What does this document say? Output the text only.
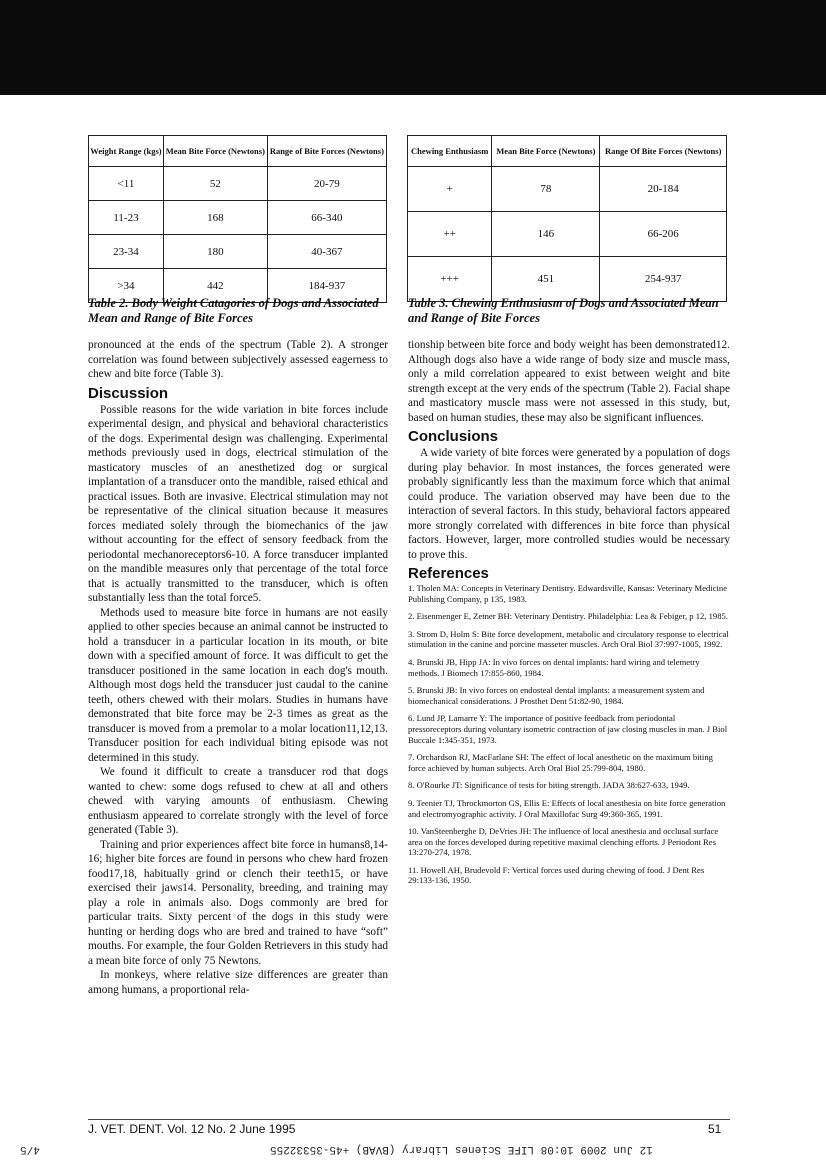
Weight Range (kgs)	Mean Bite Force (Newtons)	Range of Bite Forces (Newtons)
<11	52	20-79
11-23	168	66-340
23-34	180	40-367
>34	442	184-937
Chewing Enthusiasm	Mean Bite Force (Newtons)	Range Of Bite Forces (Newtons)
+	78	20-184
++	146	66-206
+++	451	254-937
Table 2. Body Weight Catagories of Dogs and Associated Mean and Range of Bite Forces
Table 3. Chewing Enthusiasm of Dogs and Associated Mean and Range of Bite Forces

pronounced at the ends of the spectrum (Table 2). A stronger correlation was found between subjectively assessed eagerness to chew and bite force (Table 3).

Discussion

Possible reasons for the wide variation in bite forces include experimental design, and physical and behavioral characteristics of the dogs. Experimental design was challenging. Experimental methods previously used in dogs, electrical stimulation of the masticatory muscles of an anesthetized dog or surgical implantation of a transducer onto the mandible, raised ethical and practical issues. Both are invasive. Electrical stimulation may not be representative of the clinical situation because it measures forces mediated solely through the biomechanics of the jaw without accounting for the effect of sensory feedback from the periodontal mechanoreceptors6-10. A force transducer implanted on the mandible measures only that percentage of the total force that is actually transmitted to the transducer, which is often substantially less than the total force5.

Methods used to measure bite force in humans are not easily applied to other species because an animal cannot be instructed to hold a transducer in a particular location in its mouth, or bite down with a specified amount of force. It was difficult to get the transducer positioned in the same location in each dog's mouth. Although most dogs held the transducer just caudal to the canine teeth, others chewed with their molars. Studies in humans have demonstrated that bite force may be 2-3 times as great as the transducer is moved from a premolar to a molar location11,12,13. Transducer position for each individual biting episode was not determined in this study.

We found it difficult to create a transducer rod that dogs wanted to chew: some dogs refused to chew at all and others chewed with varying amounts of enthusiasm. Chewing enthusiasm appeared to correlate strongly with the level of force generated (Table 3).

Training and prior experiences affect bite force in humans8,14-16; higher bite forces are found in persons who chew hard frozen food17,18, habitually grind or clench their teeth15, or have exercised their jaws14. Personality, breeding, and training may play a role in animals also. Dogs commonly are bred for particular traits. Sixty percent of the dogs in this study were hunting or herding dogs who are bred and trained to have “soft” mouths. For example, the four Golden Retrievers in this study had a mean bite force of only 75 Newtons.

In monkeys, where relative size differences are greater than among humans, a proportional rela-

tionship between bite force and body weight has been demonstrated12. Although dogs also have a wide range of body size and muscle mass, only a mild correlation appeared to exist between weight and bite strength except at the very ends of the spectrum (Table 2). Facial shape and masticatory muscle mass were not assessed in this study, but, based on human studies, these may also be significant influences.

Conclusions

A wide variety of bite forces were generated by a population of dogs during play behavior. In most instances, the forces generated were probably significantly less than the maximum force which that animal could produce. The variation observed may have been due to the interaction of several factors. In this study, behavioral factors appeared more strongly correlated with differences in bite force than physical factors. However, larger, more controlled studies would be necessary to prove this.

References
1. Tholen MA: Concepts in Veterinary Dentistry. Edwardsville, Kansas: Veterinary Medicine Publishing Company, p 135, 1983.
2. Eisenmenger E, Zetner BH: Veterinary Dentistry. Philadelphia: Lea & Febiger, p 12, 1985.
3. Strom D, Holm S: Bite force development, metabolic and circulatory response to electrical stimulation in the canine and porcine masseter muscles. Arch Oral Biol 37:997-1005, 1992.
4. Brunski JB, Hipp JA: In vivo forces on dental implants: hard wiring and telemetry methods. J Biomech 17:855-860, 1984.
5. Brunski JB: In vivo forces on endosteal dental implants: a measurement system and biomechanical considerations. J Prosthet Dent 51:82-90, 1984.
6. Lund JP, Lamarre Y: The importance of positive feedback from periodontal pressoreceptors during voluntary isometric contraction of jaw closing muscles in man. J Biol Buccale 1:345-351, 1973.
7. Orchardson RJ, MacFarlane SH: The effect of local anesthetic on the maximum biting force achieved by human subjects. Arch Oral Biol 25:799-804, 1980.
8. O'Rourke JT: Significance of tests for biting strength. JADA 38:627-633, 1949.
9. Teenier TJ, Throckmorton GS, Ellis E: Effects of local anesthesia on bite force generation and electromyographic activity. J Oral Maxillofac Surg 49:360-365, 1991.
10. VanSteenberghe D, DeVries JH: The influence of local anesthesia and occlusal surface area on the forces developed during repetitive maximal clenching efforts. J Periodont Res 13:270-274, 1978.
11. Howell AH, Brudevold F: Vertical forces used during chewing of food. J Dent Res 29:133-136, 1950.
J. VET. DENT. Vol. 12 No. 2 June 1995	51
4/5	12 Jun 2009 10:08 LIFE Scienes Library (BVAB) +45-35332255
